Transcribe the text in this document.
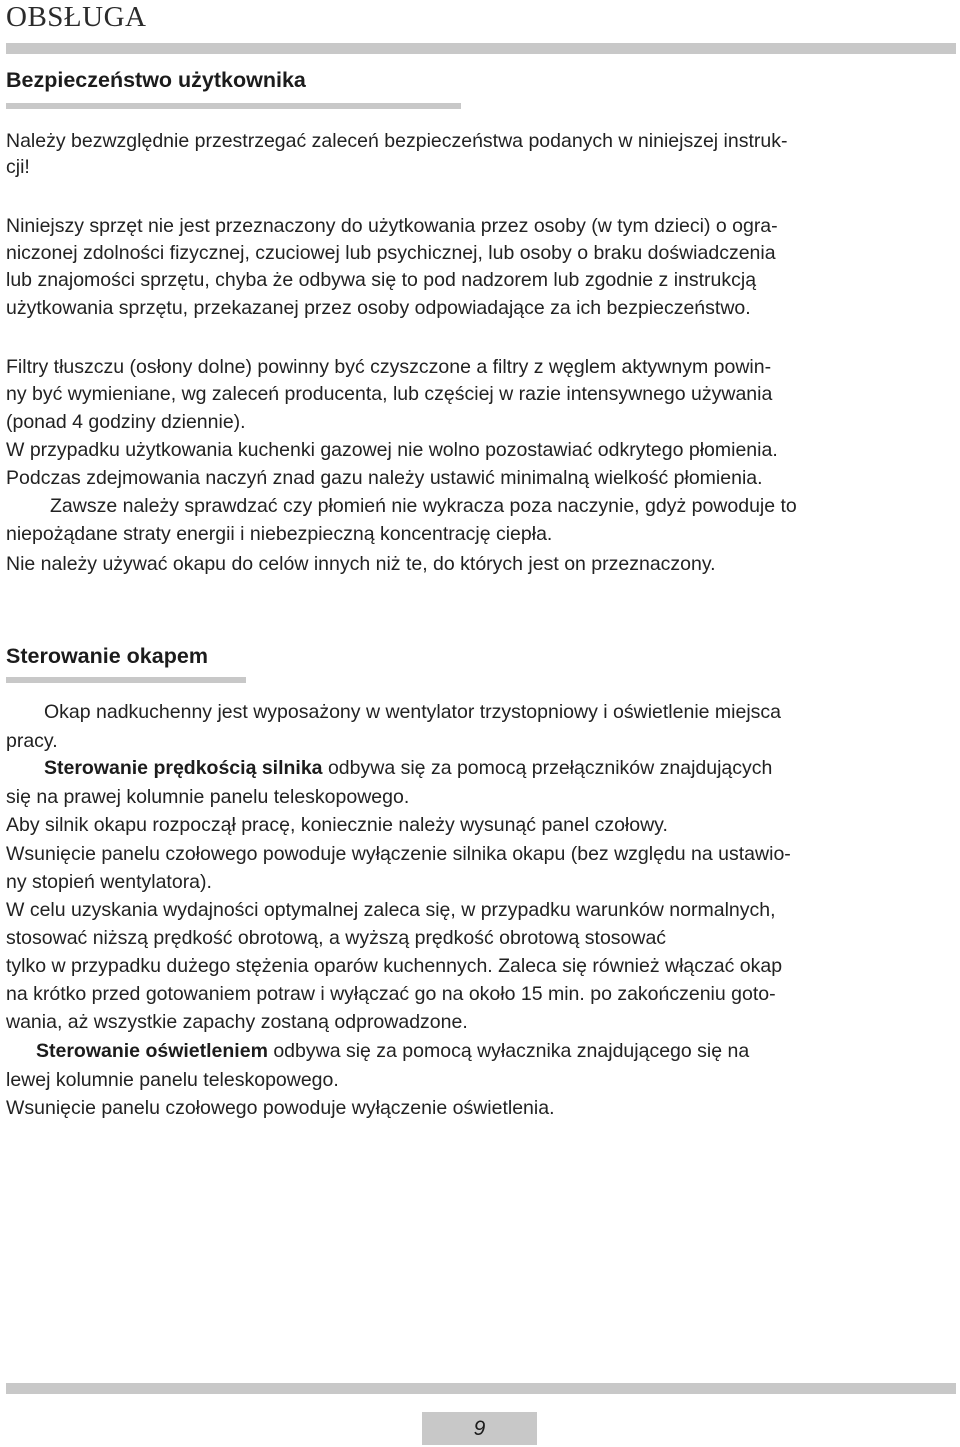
OBSŁUGA
Bezpieczeństwo użytkownika
Należy bezwzględnie przestrzegać zaleceń bezpieczeństwa podanych w niniejszej instruk-
cji!
Niniejszy sprzęt nie jest przeznaczony do użytkowania przez osoby (w tym dzieci) o ogra-
niczonej zdolności fizycznej, czuciowej lub psychicznej, lub osoby o braku doświadczenia
lub znajomości sprzętu, chyba że odbywa się to pod nadzorem lub zgodnie z instrukcją
użytkowania sprzętu, przekazanej przez osoby odpowiadające za ich bezpieczeństwo.
Filtry tłuszczu (osłony dolne) powinny być czyszczone a filtry z węglem aktywnym powin-
ny być wymieniane, wg zaleceń producenta, lub częściej w razie intensywnego używania
(ponad 4 godziny dziennie).
W przypadku użytkowania kuchenki gazowej nie wolno pozostawiać odkrytego płomienia.
Podczas zdejmowania naczyń znad gazu należy ustawić minimalną wielkość płomienia.
Zawsze należy sprawdzać czy płomień nie wykracza poza naczynie, gdyż powoduje to
niepożądane straty energii i niebezpieczną koncentrację ciepła.
Nie należy używać okapu do celów innych niż te, do których jest on przeznaczony.
Sterowanie okapem
Okap nadkuchenny jest wyposażony w wentylator trzystopniowy i oświetlenie miejsca
pracy.
Sterowanie prędkością silnika odbywa się za pomocą przełączników znajdujących
się na prawej kolumnie panelu teleskopowego.
Aby silnik okapu rozpoczął pracę, koniecznie należy wysunąć panel czołowy.
Wsunięcie panelu czołowego powoduje wyłączenie silnika okapu (bez względu na ustawio-
ny stopień wentylatora).
W celu uzyskania wydajności optymalnej zaleca się, w przypadku warunków normalnych,
stosować niższą prędkość obrotową, a wyższą prędkość obrotową stosować
tylko w przypadku dużego stężenia oparów kuchennych. Zaleca się również włączać okap
na krótko przed gotowaniem potraw i wyłączać go na około 15 min. po zakończeniu goto-
wania, aż wszystkie zapachy zostaną odprowadzone.
Sterowanie oświetleniem odbywa się za pomocą wyłacznika znajdującego się na
lewej kolumnie panelu teleskopowego.
Wsunięcie panelu czołowego powoduje wyłączenie oświetlenia.
9
